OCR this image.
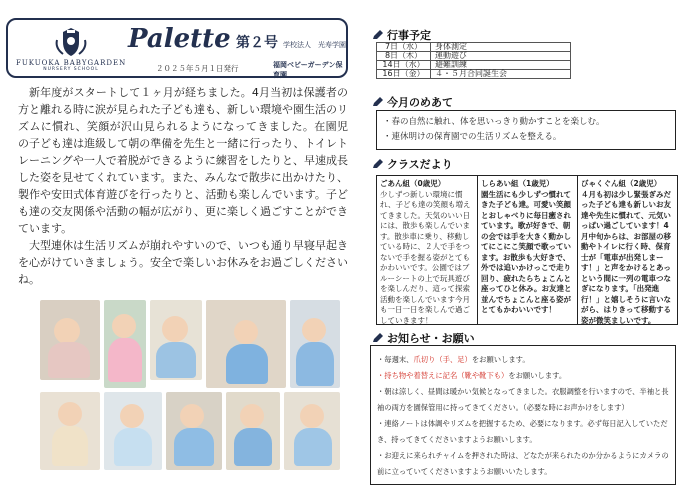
FUKUOKA BABYGARDEN
NURSERY SCHOOL
Palette 第２号 学校法人　光寿学園
２０２５年５月１日発行	福岡ベビーガーデン保育園

新年度がスタートして１ヶ月が経ちました。4月当初は保護者の方と離れる時に涙が見られた子ども達も、新しい環境や園生活のリズムに慣れ、笑顔が沢山見られるようになってきました。在園児の子ども達は進級して朝の準備を先生と一緒に行ったり、トイレトレーニングや一人で着脱ができるように練習をしたりと、早速成長した姿を見せてくれています。また、みんなで散歩に出かけたり、製作や安田式体育遊びを行ったりと、活動も楽しんでいます。子ども達の交友関係や活動の幅が広がり、更に楽しく過ごすことができています。

大型連休は生活リズムが崩れやすいので、いつも通り早寝早起きを心がけていきましょう。安全で楽しいお休みをお過ごしくださいね。

行事予定
7日（水）	身体測定
8日（木）	運動遊び
14日（水）	避難訓練
16日（金）	４・５月合同誕生会
今月のめあて
・春の自然に触れ、体を思いっきり動かすことを楽しむ。
・連休明けの保育園での生活リズムを整える。
クラスだより
ごあん組（0歳児）
少しずつ新しい環境に慣れ、子ども達の笑顔も増えてきました。天気のいい日には、散歩も楽しんでいます。散歩車に乗り、移動している時に、２人で手をつないで手を握る姿がとてもかわいいです。公園ではブルーシートの上で玩具遊びを楽しんだり、這って探索活動を楽しんでいます今月も一日一日を楽しんで過ごしていきます！
しらあい組（1歳児）
園生活にも少しずつ慣れてきた子ども達。可愛い笑顔とおしゃべりに毎日癒されています。歌が好きで、朝の会では手を大きく動かしてにこにこ笑顔で歌っています。お散歩も大好きで、外では追いかけっこで走り回り、疲れたらちょこんと座ってひと休み。お友達と並んでちょこんと座る姿がとてもかわいいです！
びゃくぐん組（2歳児）
４月も初は少し緊張ぎみだった子ども達も新しいお友達や先生に慣れて、元気いっぱい過ごしています！4月中旬からは、お部屋の移動やトイレに行く時、保育士が「電車が出発しまーす！」と声をかけるとあっという間に一列の電車つなぎになります。「出発進行！」と嬉しそうに言いながら、はりきって移動する姿が微笑ましいです。
お知らせ・お願い
・毎週末、爪切り（手、足）をお願いします。
・持ち物や着替えに記名（靴や靴下も）をお願いします。
・朝は涼しく、昼間は暖かい気候となってきました。衣服調整を行いますので、半袖と長袖の両方を園保管用に持ってきてください。（必要な時にお声かけをします）
・連絡ノートは体調やリズムを把握するため、必要になります。必ず毎日記入していただき、持ってきてくださいますようお願いします。
・お迎えに来られチャイムを押された時は、どなたが来られたのか分かるようにカメラの前に立っていてくださいますようお願いいたします。
